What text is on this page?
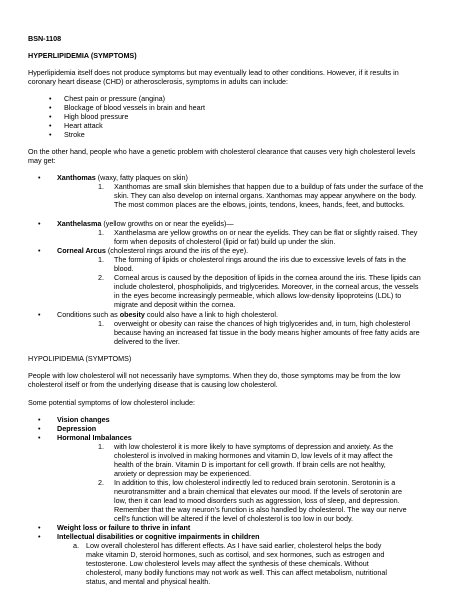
BSN-1108
HYPERLIPIDEMIA (SYMPTOMS)
Hyperlipidemia itself does not produce symptoms but may eventually lead to other conditions. However, if it results in
coronary heart disease (CHD) or atherosclerosis, symptoms in adults can include:
• Chest pain or pressure (angina)
• Blockage of blood vessels in brain and heart
• High blood pressure
• Heart attack
• Stroke
On the other hand, people who have a genetic problem with cholesterol clearance that causes very high cholesterol levels
may get:
• Xanthomas (waxy, fatty plaques on skin)
1. Xanthomas are small skin blemishes that happen due to a buildup of fats under the surface of the
skin. They can also develop on internal organs. Xanthomas may appear anywhere on the body.
The most common places are the elbows, joints, tendons, knees, hands, feet, and buttocks.
• Xanthelasma (yellow growths on or near the eyelids)—
1. Xanthelasma are yellow growths on or near the eyelids. They can be flat or slightly raised. They
form when deposits of cholesterol (lipid or fat) build up under the skin.
• Corneal Arcus (cholesterol rings around the iris of the eye).
1. The forming of lipids or cholesterol rings around the iris due to excessive levels of fats in the
blood.
2. Corneal arcus is caused by the deposition of lipids in the cornea around the iris. These lipids can
include cholesterol, phospholipids, and triglycerides. Moreover, in the corneal arcus, the vessels
in the eyes become increasingly permeable, which allows low-density lipoproteins (LDL) to
migrate and deposit within the cornea.
• Conditions such as obesity could also have a link to high cholesterol.
1. overweight or obesity can raise the chances of high triglycerides and, in turn, high cholesterol
because having an increased fat tissue in the body means higher amounts of free fatty acids are
delivered to the liver.
HYPOLIPIDEMIA (SYMPTOMS)
People with low cholesterol will not necessarily have symptoms. When they do, those symptoms may be from the low
cholesterol itself or from the underlying disease that is causing low cholesterol.
Some potential symptoms of low cholesterol include:
• Vision changes
• Depression
• Hormonal Imbalances
1. with low cholesterol it is more likely to have symptoms of depression and anxiety. As the
cholesterol is involved in making hormones and vitamin D, low levels of it may affect the
health of the brain. Vitamin D is important for cell growth. If brain cells are not healthy,
anxiety or depression may be experienced.
2. In addition to this, low cholesterol indirectly led to reduced brain serotonin. Serotonin is a
neurotransmitter and a brain chemical that elevates our mood. If the levels of serotonin are
low, then it can lead to mood disorders such as aggression, loss of sleep, and depression.
Remember that the way neuron’s function is also handled by cholesterol. The way our nerve
cell’s function will be altered if the level of cholesterol is too low in our body.
• Weight loss or failure to thrive in infant
• Intellectual disabilities or cognitive impairments in children
a. Low overall cholesterol has different effects. As I have said earlier, cholesterol helps the body
make vitamin D, steroid hormones, such as cortisol, and sex hormones, such as estrogen and
testosterone. Low cholesterol levels may affect the synthesis of these chemicals. Without
cholesterol, many bodily functions may not work as well. This can affect metabolism, nutritional
status, and mental and physical health.
